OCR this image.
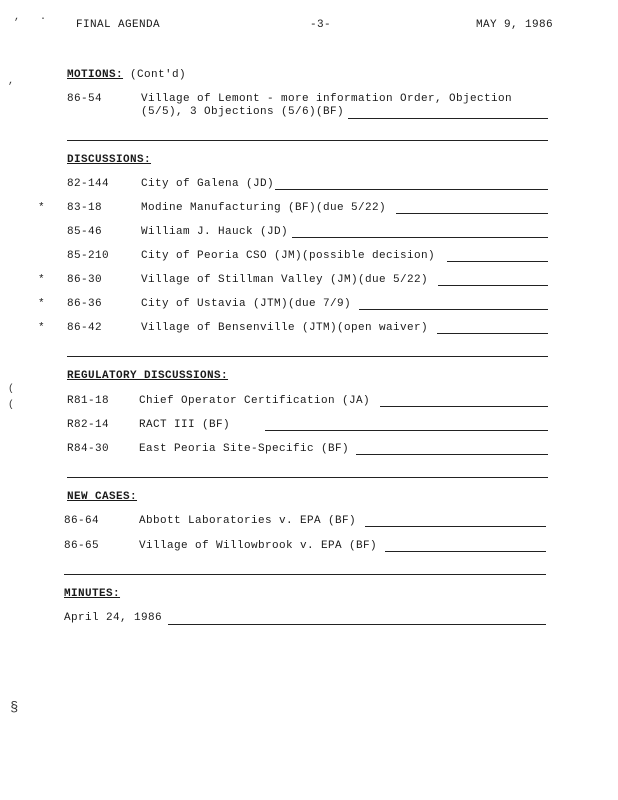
FINAL AGENDA	-3-	MAY 9, 1986
, ·
,
(
(
§
MOTIONS: (Cont'd)
86-54	Village of Lemont - more information Order, Objection
(5/5), 3 Objections (5/6)(BF)
DISCUSSIONS:
82-144	City of Galena (JD)
* 83-18	Modine Manufacturing (BF)(due 5/22)
85-46	William J. Hauck (JD)
85-210	City of Peoria CSO (JM)(possible decision)
* 86-30	Village of Stillman Valley (JM)(due 5/22)
* 86-36	City of Ustavia (JTM)(due 7/9)
* 86-42	Village of Bensenville (JTM)(open waiver)
REGULATORY DISCUSSIONS:
R81-18	Chief Operator Certification (JA)
R82-14	RACT III (BF)
R84-30	East Peoria Site-Specific (BF)
NEW CASES:
86-64	Abbott Laboratories v. EPA (BF)
86-65	Village of Willowbrook v. EPA (BF)
MINUTES:
April 24, 1986
